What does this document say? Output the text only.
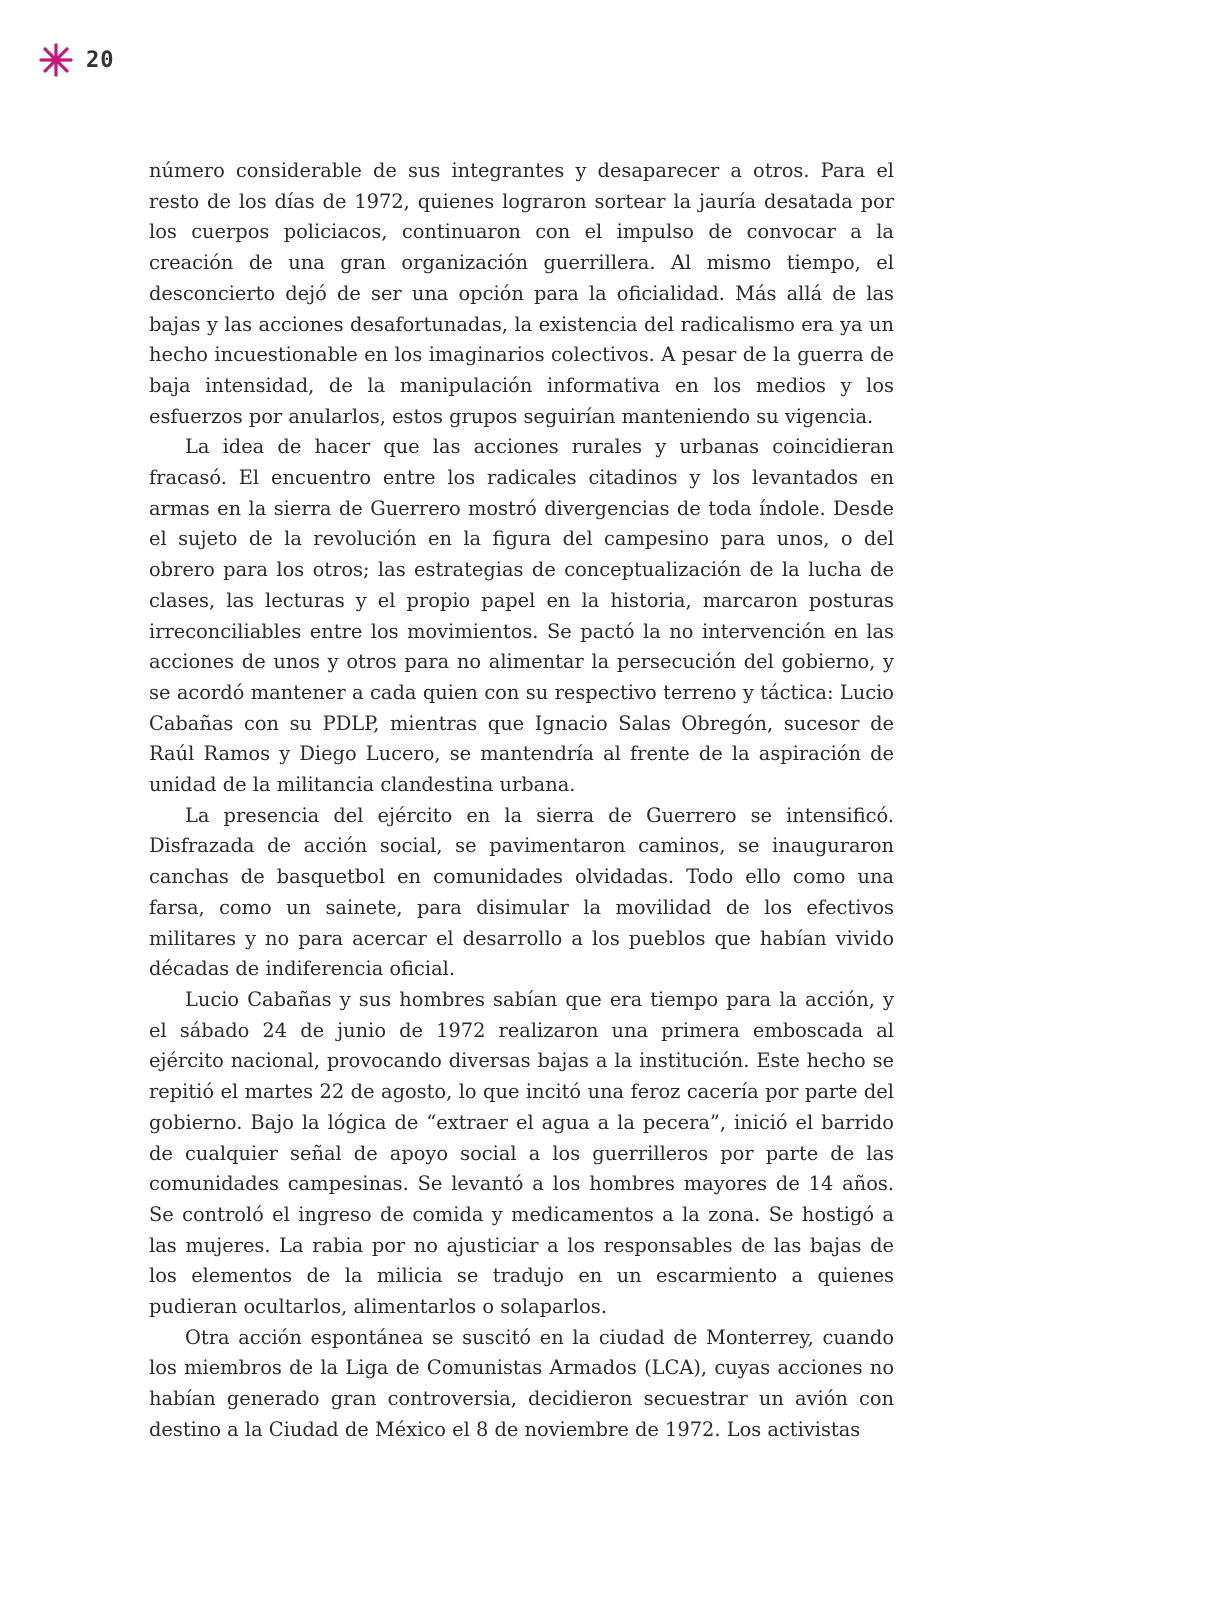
20

número considerable de sus integrantes y desaparecer a otros. Para el resto de los días de 1972, quienes lograron sortear la jauría desatada por los cuerpos policiacos, continuaron con el impulso de convocar a la creación de una gran organización guerrillera. Al mismo tiempo, el desconcierto dejó de ser una opción para la oficialidad. Más allá de las bajas y las acciones desafortunadas, la existencia del radicalismo era ya un hecho incuestionable en los imaginarios colectivos. A pesar de la guerra de baja intensidad, de la manipulación informativa en los medios y los esfuerzos por anularlos, estos grupos seguirían manteniendo su vigencia.

La idea de hacer que las acciones rurales y urbanas coincidieran fracasó. El encuentro entre los radicales citadinos y los levantados en armas en la sierra de Guerrero mostró divergencias de toda índole. Desde el sujeto de la revolución en la figura del campesino para unos, o del obrero para los otros; las estrategias de conceptualización de la lucha de clases, las lecturas y el propio papel en la historia, marcaron posturas irreconciliables entre los movimientos. Se pactó la no intervención en las acciones de unos y otros para no alimentar la persecución del gobierno, y se acordó mantener a cada quien con su respectivo terreno y táctica: Lucio Cabañas con su PDLP, mientras que Ignacio Salas Obregón, sucesor de Raúl Ramos y Diego Lucero, se mantendría al frente de la aspiración de unidad de la militancia clandestina urbana.

La presencia del ejército en la sierra de Guerrero se intensificó. Disfrazada de acción social, se pavimentaron caminos, se inauguraron canchas de basquetbol en comunidades olvidadas. Todo ello como una farsa, como un sainete, para disimular la movilidad de los efectivos militares y no para acercar el desarrollo a los pueblos que habían vivido décadas de indiferencia oficial.

Lucio Cabañas y sus hombres sabían que era tiempo para la acción, y el sábado 24 de junio de 1972 realizaron una primera emboscada al ejército nacional, provocando diversas bajas a la institución. Este hecho se repitió el martes 22 de agosto, lo que incitó una feroz cacería por parte del gobierno. Bajo la lógica de “extraer el agua a la pecera”, inició el barrido de cualquier señal de apoyo social a los guerrilleros por parte de las comunidades campesinas. Se levantó a los hombres mayores de 14 años. Se controló el ingreso de comida y medicamentos a la zona. Se hostigó a las mujeres. La rabia por no ajusticiar a los responsables de las bajas de los elementos de la milicia se tradujo en un escarmiento a quienes pudieran ocultarlos, alimentarlos o solaparlos.

Otra acción espontánea se suscitó en la ciudad de Monterrey, cuando los miembros de la Liga de Comunistas Armados (LCA), cuyas acciones no habían generado gran controversia, decidieron secuestrar un avión con destino a la Ciudad de México el 8 de noviembre de 1972. Los activistas
